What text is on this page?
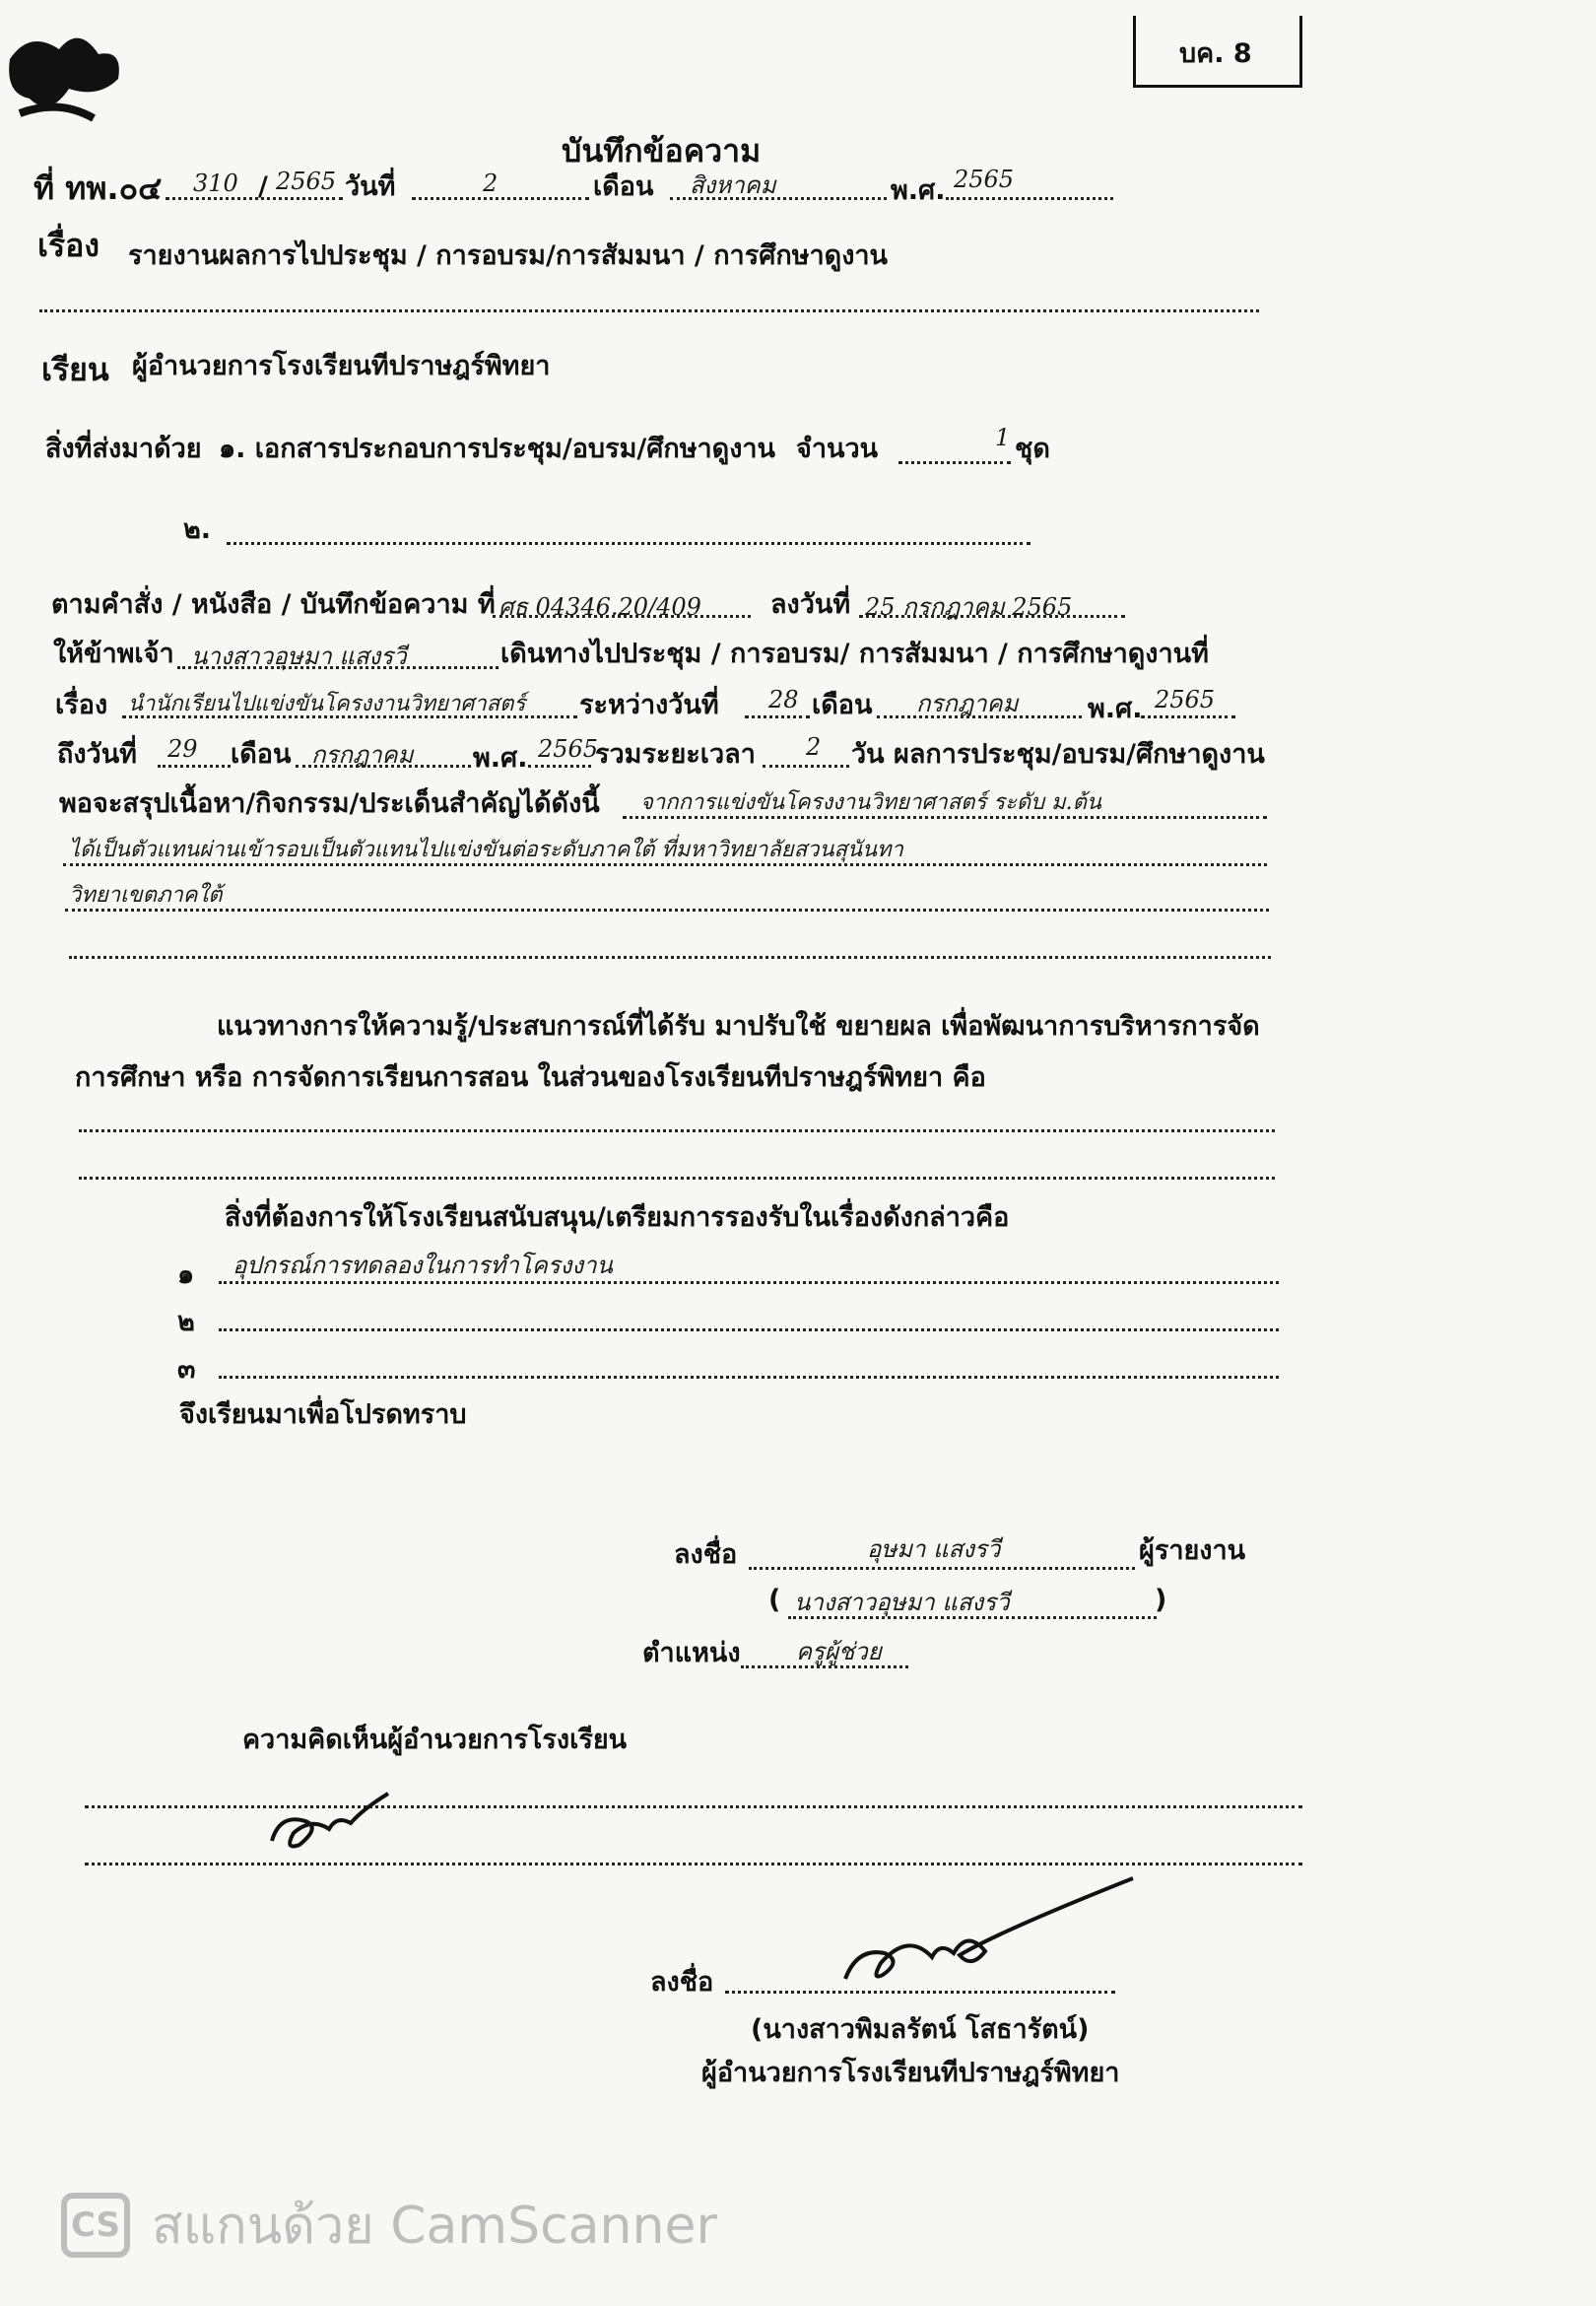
บค. 8
บันทึกข้อความ
ที่ ทพ.๐๔ 310 / 2565 วันที่	2	เดือน สิงหาคม	พ.ศ. 2565
เรื่อง รายงานผลการไปประชุม / การอบรม/การสัมมนา / การศึกษาดูงาน
เรียน ผู้อำนวยการโรงเรียนทีปราษฎร์พิทยา
สิ่งที่ส่งมาด้วย ๑. เอกสารประกอบการประชุม/อบรม/ศึกษาดูงาน จำนวน	1 ชุด
๒.
ตามคำสั่ง / หนังสือ / บันทึกข้อความ ที่ ศธ 04346.20/409	ลงวันที่ 25 กรกฎาคม 2565
ให้ข้าพเจ้า นางสาวอุษมา แสงรวี	เดินทางไปประชุม / การอบรม/ การสัมมนา / การศึกษาดูงานที่
เรื่อง นำนักเรียนไปแข่งขันโครงงานวิทยาศาสตร์ ระหว่างวันที่ 28 เดือน กรกฎาคม	พ.ศ. 2565
ถึงวันที่ 29 เดือน กรกฎาคม พ.ศ. 2565
รวมระยะเวลา 2 วัน ผลการประชุม/อบรม/ศึกษาดูงาน
พอจะสรุปเนื้อหา/กิจกรรม/ประเด็นสำคัญได้ดังนี้ จากการแข่งขันโครงงานวิทยาศาสตร์ ระดับ ม.ต้น
ได้เป็นตัวแทนผ่านเข้ารอบเป็นตัวแทนไปแข่งขันต่อระดับภาคใต้ ที่มหาวิทยาลัยสวนสุนันทา
วิทยาเขตภาคใต้
แนวทางการให้ความรู้/ประสบการณ์ที่ได้รับ มาปรับใช้ ขยายผล เพื่อพัฒนาการบริหารการจัด
การศึกษา หรือ การจัดการเรียนการสอน ในส่วนของโรงเรียนทีปราษฎร์พิทยา คือ
สิ่งที่ต้องการให้โรงเรียนสนับสนุน/เตรียมการรองรับในเรื่องดังกล่าวคือ
๑ อุปกรณ์การทดลองในการทำโครงงาน
๒
๓
จึงเรียนมาเพื่อโปรดทราบ
ลงชื่อ	อุษมา แสงรวี	ผู้รายงาน
( นางสาวอุษมา แสงรวี	)
ตำแหน่ง ครูผู้ช่วย
ความคิดเห็นผู้อำนวยการโรงเรียน
ลงชื่อ
(นางสาวพิมลรัตน์ โสธารัตน์)
ผู้อำนวยการโรงเรียนทีปราษฎร์พิทยา
CS สแกนด้วย CamScanner
